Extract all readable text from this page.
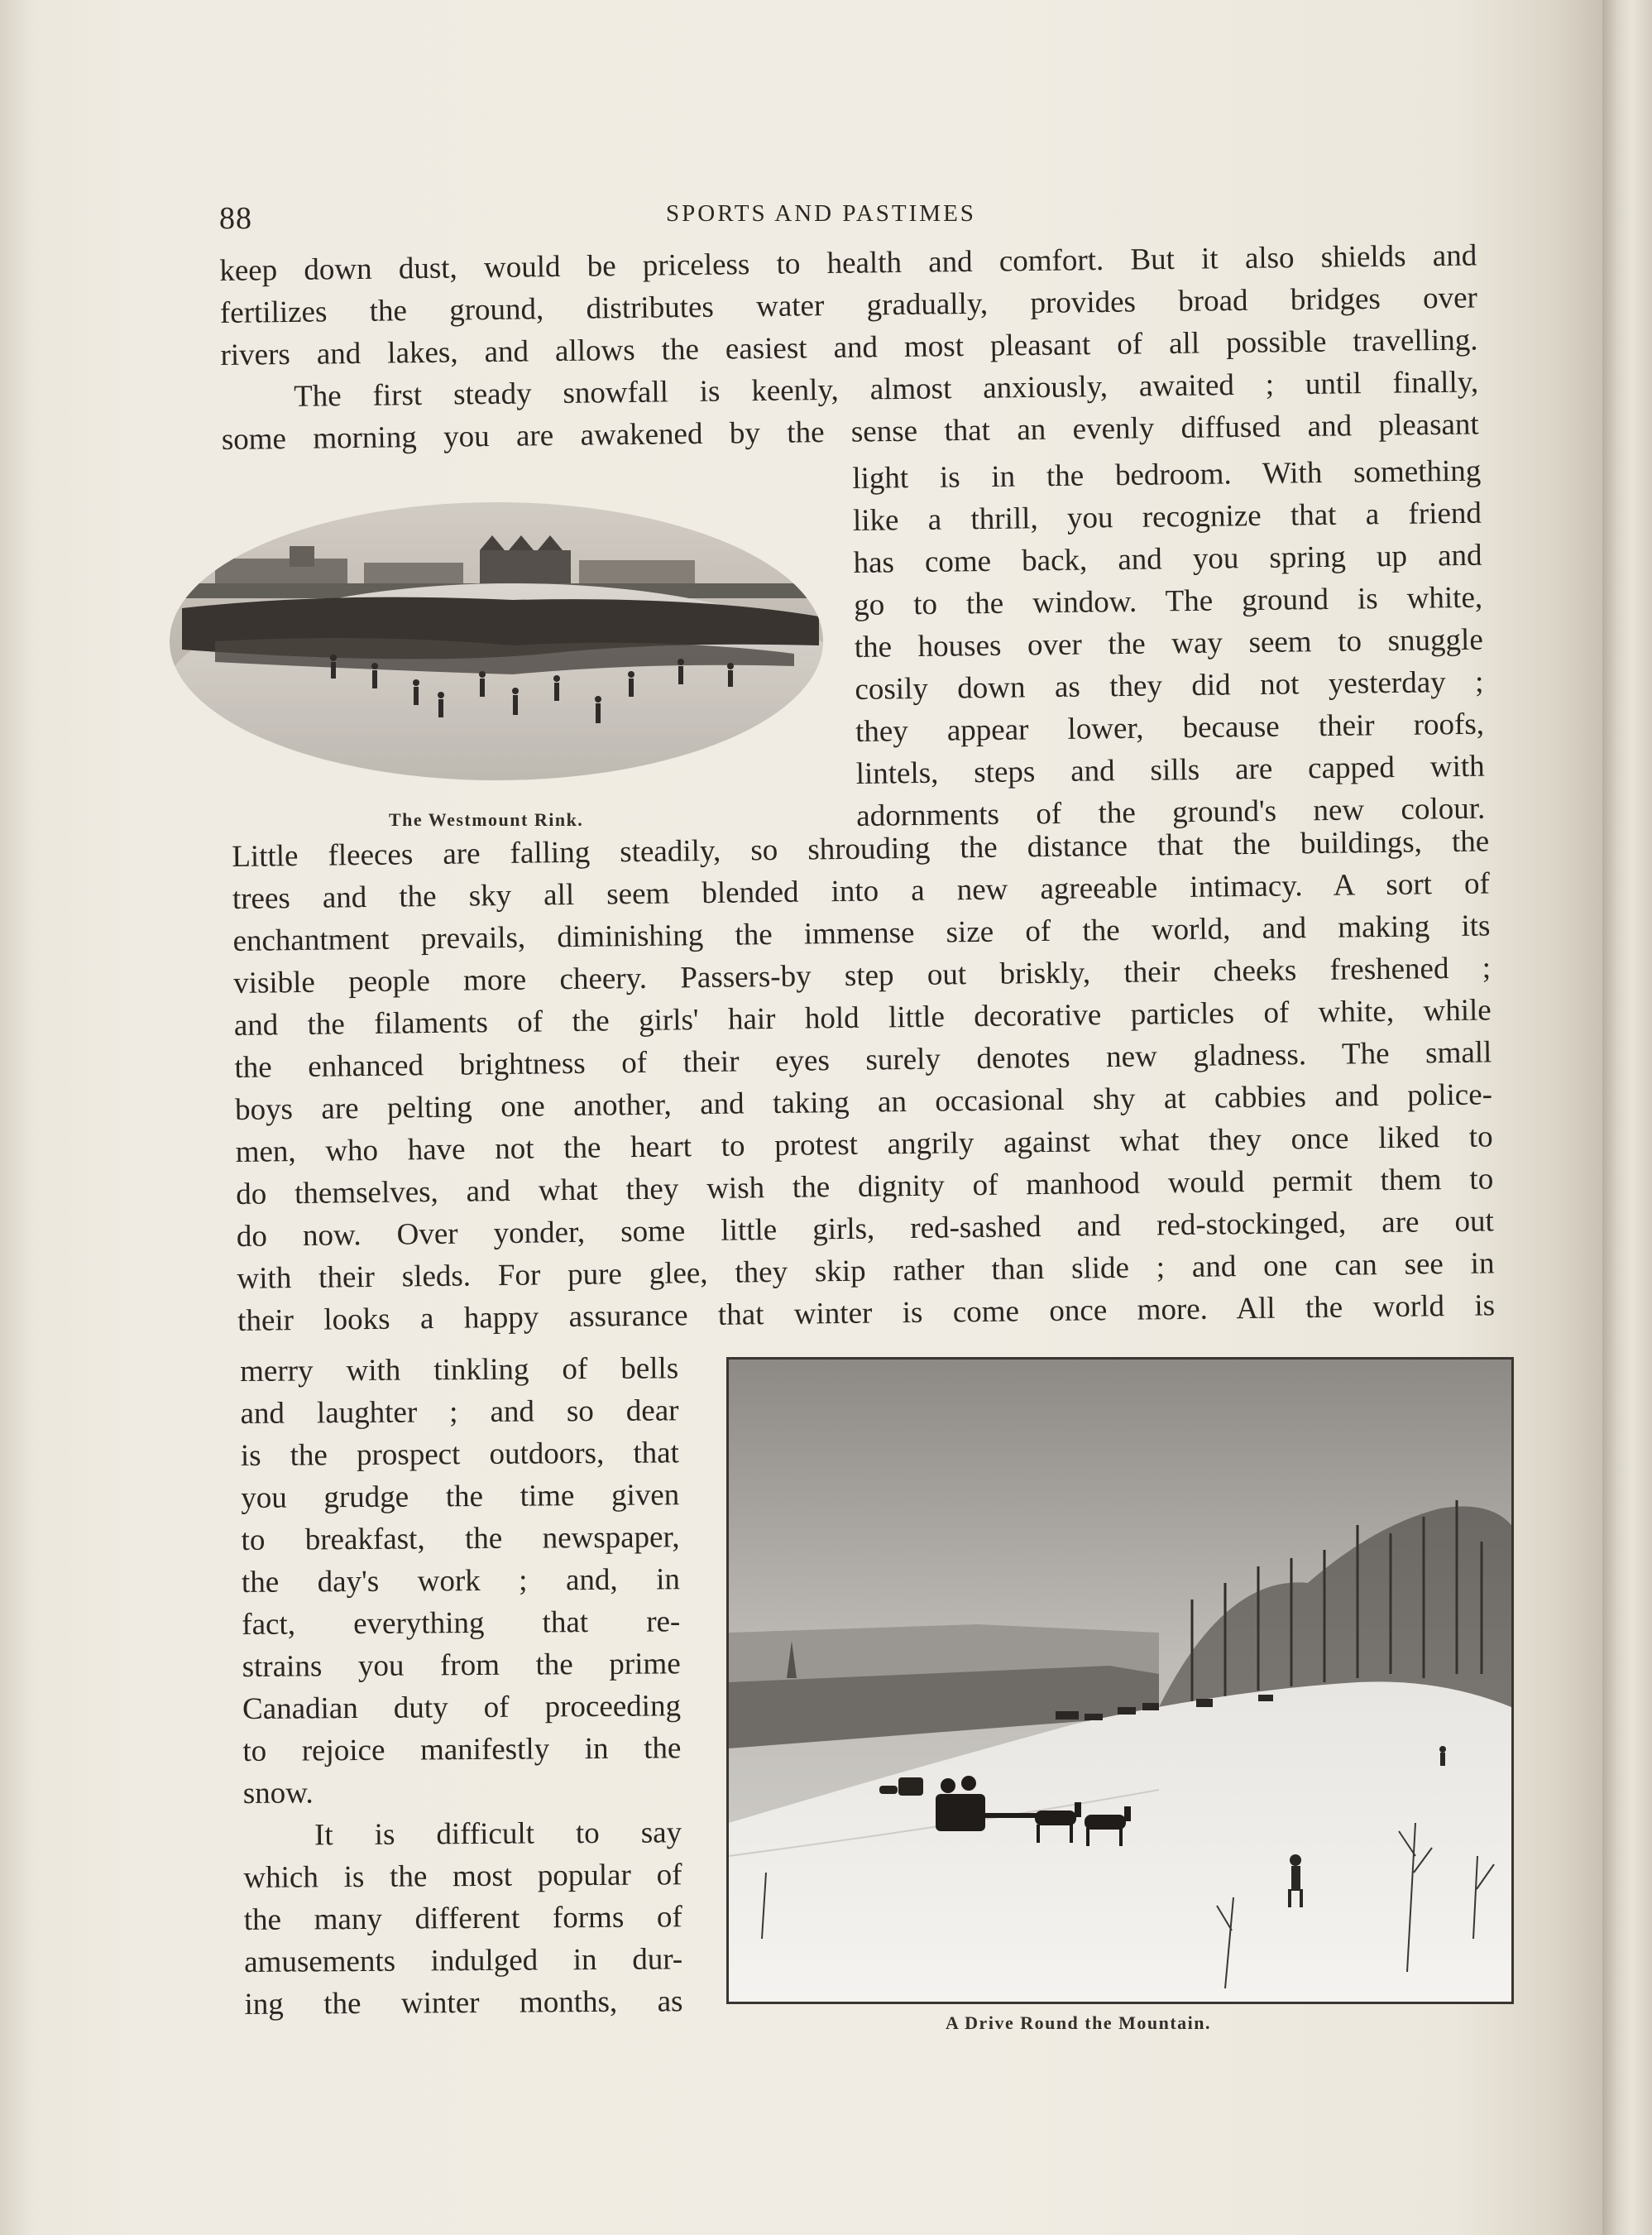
88	SPORTS AND PASTIMES
keep down dust, would be priceless to health and comfort. But it also shields and
fertilizes the ground, distributes water gradually, provides broad bridges over
rivers and lakes, and allows the easiest and most pleasant of all possible travelling.
The first steady snowfall is keenly, almost anxiously, awaited ; until finally,
some morning you are awakened by the sense that an evenly diffused and pleasant
The Westmount Rink.
light is in the bedroom. With something
like a thrill, you recognize that a friend
has come back, and you spring up and
go to the window. The ground is white,
the houses over the way seem to snuggle
cosily down as they did not yesterday ;
they appear lower, because their roofs,
lintels, steps and sills are capped with
adornments of the ground's new colour.
Little fleeces are falling steadily, so shrouding the distance that the buildings, the
trees and the sky all seem blended into a new agreeable intimacy. A sort of
enchantment prevails, diminishing the immense size of the world, and making its
visible people more cheery. Passers-by step out briskly, their cheeks freshened ;
and the filaments of the girls' hair hold little decorative particles of white, while
the enhanced brightness of their eyes surely denotes new gladness. The small
boys are pelting one another, and taking an occasional shy at cabbies and police-
men, who have not the heart to protest angrily against what they once liked to
do themselves, and what they wish the dignity of manhood would permit them to
do now. Over yonder, some little girls, red-sashed and red-stockinged, are out
with their sleds. For pure glee, they skip rather than slide ; and one can see in
their looks a happy assurance that winter is come once more. All the world is
merry with tinkling of bells
and laughter ; and so dear
is the prospect outdoors, that
you grudge the time given
to breakfast, the newspaper,
the day's work ; and, in
fact, everything that re-
strains you from the prime
Canadian duty of proceeding
to rejoice manifestly in the
snow.
It is difficult to say
which is the most popular of
the many different forms of
amusements indulged in dur-
ing the winter months, as
A Drive Round the Mountain.
